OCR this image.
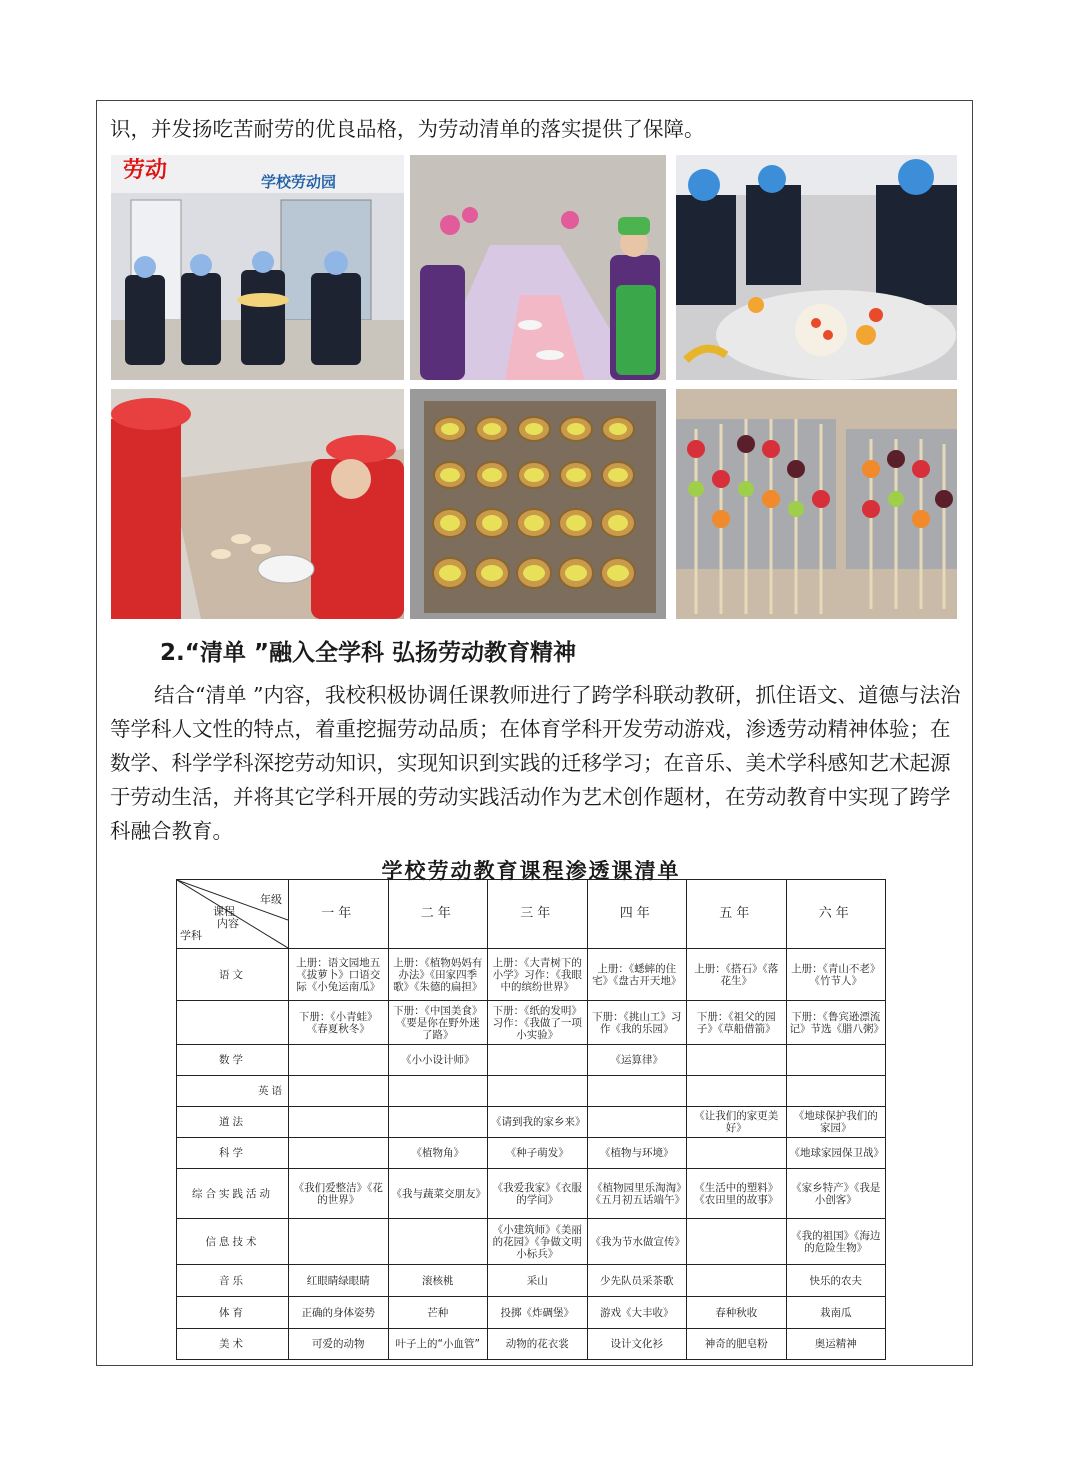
识，并发扬吃苦耐劳的优良品格，为劳动清单的落实提供了保障。

劳动
学校劳动园
2.“清单 ”融入全学科 弘扬劳动教育精神

结合“清单 ”内容，我校积极协调任课教师进行了跨学科联动教研，抓住语文、道德与法治等学科人文性的特点，着重挖掘劳动品质；在体育学科开发劳动游戏，渗透劳动精神体验；在数学、科学学科深挖劳动知识，实现知识到实践的迁移学习；在音乐、美术学科感知艺术起源于劳动生活，并将其它学科开展的劳动实践活动作为艺术创作题材，在劳动教育中实现了跨学科融合教育。

学校劳动教育课程渗透课清单
年级
课程
内容
学科	一年	二年	三年	四年	五年	六年
语文	上册：语文园地五《拔萝卜》口语交际《小兔运南瓜》	上册：《植物妈妈有办法》《田家四季歌》《朱德的扁担》	上册：《大青树下的小学》习作：《我眼中的缤纷世界》	上册：《蟋蟀的住宅》《盘古开天地》	上册：《搭石》《落花生》	上册：《青山不老》《竹节人》
	下册：《小青蛙》《春夏秋冬》	下册：《中国美食》《要是你在野外迷了路》	下册：《纸的发明》习作：《我做了一项小实验》	下册：《挑山工》习作《我的乐园》	下册：《祖父的园子》《草船借箭》	下册：《鲁宾逊漂流记》节选《腊八粥》
数学		《小小设计师》		《运算律》		
英语						
道法			《请到我的家乡来》		《让我们的家更美好》	《地球保护我们的家园》
科学		《植物角》	《种子萌发》	《植物与环境》		《地球家园保卫战》
综合实践活动	《我们爱整洁》《花的世界》	《我与蔬菜交朋友》	《我爱我家》《衣服的学问》	《植物园里乐淘淘》《五月初五话端午》	《生活中的塑料》《农田里的故事》	《家乡特产》《我是小创客》
信息技术			《小建筑师》《美丽的花园》《争做文明小标兵》	《我为节水做宣传》		《我的祖国》《海边的危险生物》
音乐	红眼睛绿眼睛	滚核桃	采山	少先队员采茶歌		快乐的农夫
体育	正确的身体姿势	芒种	投掷《炸碉堡》	游戏《大丰收》	春种秋收	栽南瓜
美术	可爱的动物	叶子上的“小血管”	动物的花衣裳	设计文化衫	神奇的肥皂粉	奥运精神
